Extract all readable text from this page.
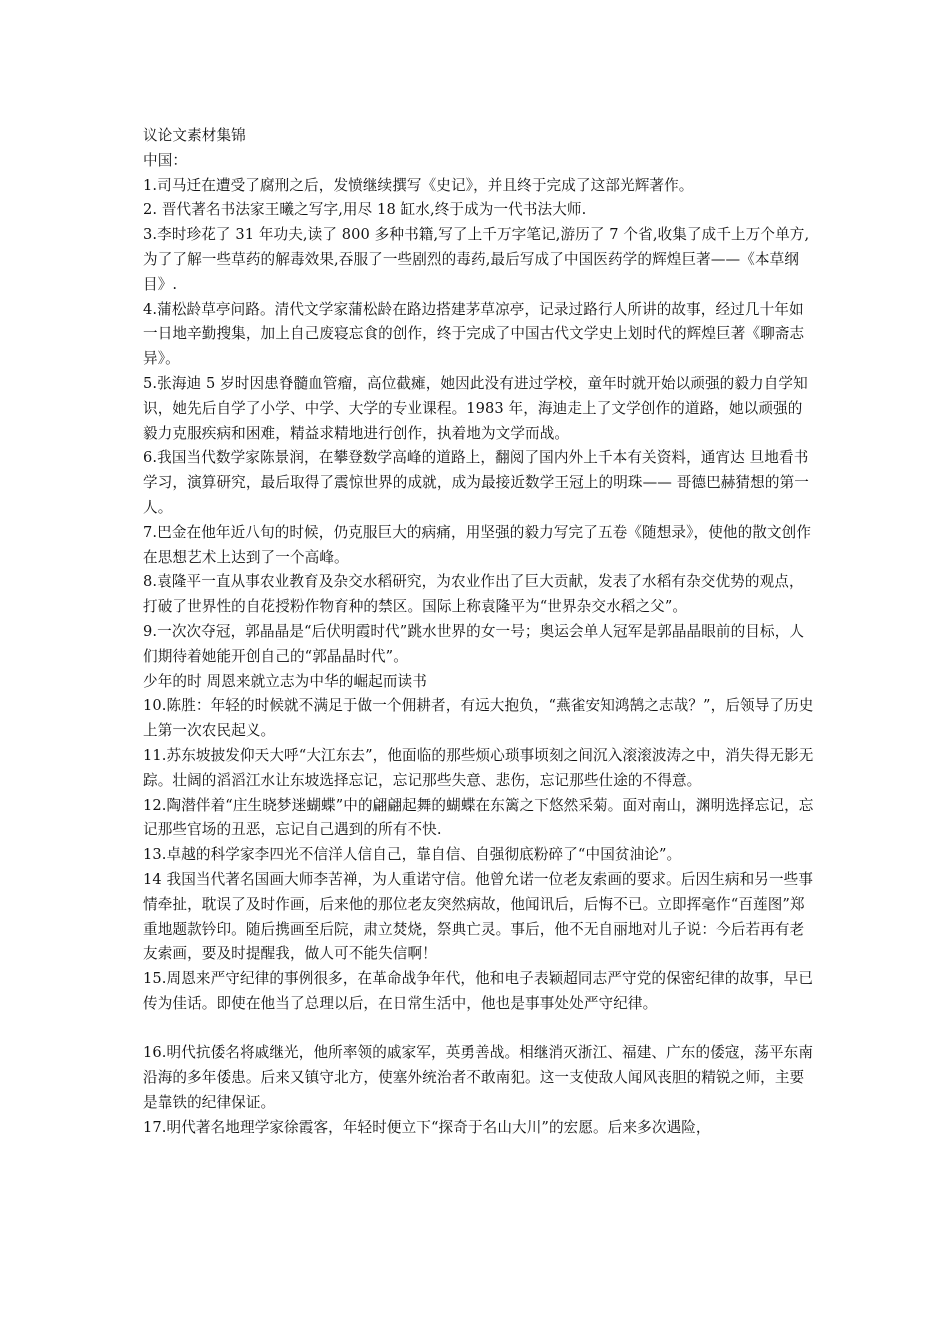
议论文素材集锦

中国：

1.司马迁在遭受了腐刑之后，发愤继续撰写《史记》，并且终于完成了这部光辉著作。

2. 晋代著名书法家王曦之写字,用尽 18 缸水,终于成为一代书法大师.

3.李时珍花了 31 年功夫,读了 800 多种书籍,写了上千万字笔记,游历了 7 个省,收集了成千上万个单方,为了了解一些草药的解毒效果,吞服了一些剧烈的毒药,最后写成了中国医药学的辉煌巨著——《本草纲目》.

4.蒲松龄草亭问路。清代文学家蒲松龄在路边搭建茅草凉亭，记录过路行人所讲的故事，经过几十年如一日地辛勤搜集，加上自己废寝忘食的创作，终于完成了中国古代文学史上划时代的辉煌巨著《聊斋志异》。

5.张海迪 5 岁时因患脊髓血管瘤，高位截瘫，她因此没有进过学校，童年时就开始以顽强的毅力自学知识，她先后自学了小学、中学、大学的专业课程。1983 年，海迪走上了文学创作的道路，她以顽强的毅力克服疾病和困难，精益求精地进行创作，执着地为文学而战。

6.我国当代数学家陈景润，在攀登数学高峰的道路上，翻阅了国内外上千本有关资料，通宵达 旦地看书学习，演算研究，最后取得了震惊世界的成就，成为最接近数学王冠上的明珠—— 哥德巴赫猜想的第一人。

7.巴金在他年近八旬的时候，仍克服巨大的病痛，用坚强的毅力写完了五卷《随想录》，使他的散文创作在思想艺术上达到了一个高峰。

8.袁隆平一直从事农业教育及杂交水稻研究，为农业作出了巨大贡献，发表了水稻有杂交优势的观点，打破了世界性的自花授粉作物育种的禁区。国际上称袁隆平为“世界杂交水稻之父”。

9.一次次夺冠，郭晶晶是“后伏明霞时代”跳水世界的女一号；奥运会单人冠军是郭晶晶眼前的目标，人们期待着她能开创自己的“郭晶晶时代”。

少年的时 周恩来就立志为中华的崛起而读书

10.陈胜：年轻的时候就不满足于做一个佣耕者，有远大抱负，“燕雀安知鸿鹄之志哉？”，后领导了历史上第一次农民起义。

11.苏东坡披发仰天大呼“大江东去”，他面临的那些烦心琐事顷刻之间沉入滚滚波涛之中，消失得无影无踪。壮阔的滔滔江水让东坡选择忘记，忘记那些失意、悲伤，忘记那些仕途的不得意。

12.陶潜伴着“庄生晓梦迷蝴蝶”中的翩翩起舞的蝴蝶在东篱之下悠然采菊。面对南山，渊明选择忘记，忘记那些官场的丑恶，忘记自己遇到的所有不快.

13.卓越的科学家李四光不信洋人信自己，靠自信、自强彻底粉碎了“中国贫油论”。

14 我国当代著名国画大师李苦禅，为人重诺守信。他曾允诺一位老友索画的要求。后因生病和另一些事情牵扯，耽误了及时作画，后来他的那位老友突然病故，他闻讯后，后悔不已。立即挥毫作“百莲图”郑重地题款钤印。随后携画至后院，肃立焚烧，祭典亡灵。事后，他不无自丽地对儿子说：今后若再有老友索画，要及时提醒我，做人可不能失信啊！

15.周恩来严守纪律的事例很多，在革命战争年代，他和电子表颖超同志严守党的保密纪律的故事，早已传为佳话。即使在他当了总理以后，在日常生活中，他也是事事处处严守纪律。

16.明代抗倭名将戚继光，他所率领的戚家军，英勇善战。相继消灭浙江、福建、广东的倭寇，荡平东南沿海的多年倭患。后来又镇守北方，使塞外统治者不敢南犯。这一支使敌人闻风丧胆的精锐之师，主要是靠铁的纪律保证。

17.明代著名地理学家徐霞客，年轻时便立下“探奇于名山大川”的宏愿。后来多次遇险，
